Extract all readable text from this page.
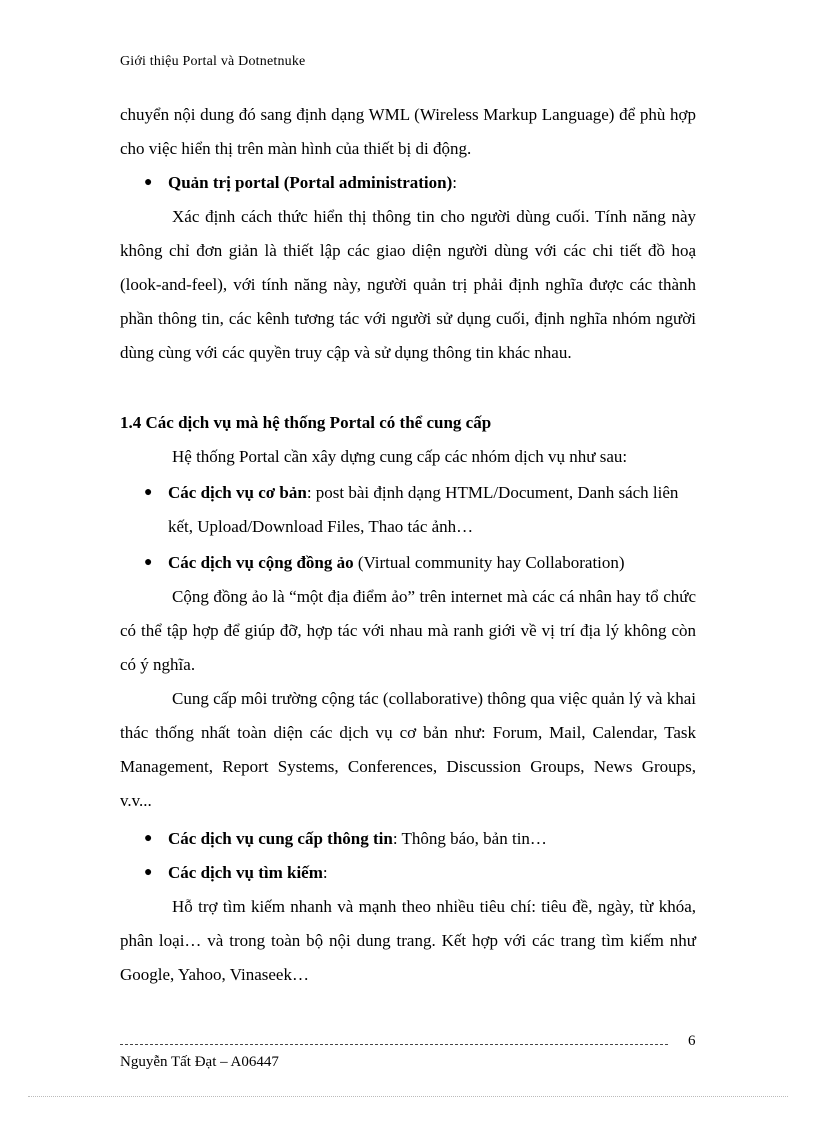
Giới thiệu Portal và Dotnetnuke
chuyển nội dung đó sang định dạng WML (Wireless Markup Language) để phù hợp cho việc hiển thị trên màn hình của thiết bị di động.
● Quản trị portal (Portal administration):
Xác định cách thức hiển thị thông tin cho người dùng cuối. Tính năng này không chỉ đơn giản là thiết lập các giao diện người dùng với các chi tiết đồ hoạ (look-and-feel), với tính năng này, người quản trị phải định nghĩa được các thành phần thông tin, các kênh tương tác với người sử dụng cuối, định nghĩa nhóm người dùng cùng với các quyền truy cập và sử dụng thông tin khác nhau.
1.4 Các dịch vụ mà hệ thống Portal có thể cung cấp
Hệ thống Portal cần xây dựng cung cấp các nhóm dịch vụ như sau:
● Các dịch vụ cơ bản: post bài định dạng HTML/Document, Danh sách liên kết, Upload/Download Files, Thao tác ảnh…
● Các dịch vụ cộng đồng ảo (Virtual community hay Collaboration)
Cộng đồng ảo là “một địa điểm ảo” trên internet mà các cá nhân hay tổ chức có thể tập hợp để giúp đỡ, hợp tác với nhau mà ranh giới về vị trí địa lý không còn có ý nghĩa.
Cung cấp môi trường cộng tác (collaborative) thông qua việc quản lý và khai thác thống nhất toàn diện các dịch vụ cơ bản như: Forum, Mail, Calendar, Task Management, Report Systems, Conferences, Discussion Groups, News Groups, v.v...
● Các dịch vụ cung cấp thông tin: Thông báo, bản tin…
● Các dịch vụ tìm kiếm:
Hỗ trợ tìm kiếm nhanh và mạnh theo nhiều tiêu chí: tiêu đề, ngày, từ khóa, phân loại… và trong toàn bộ nội dung trang. Kết hợp với các trang tìm kiếm như Google, Yahoo, Vinaseek…
6
Nguyễn Tất Đạt – A06447
